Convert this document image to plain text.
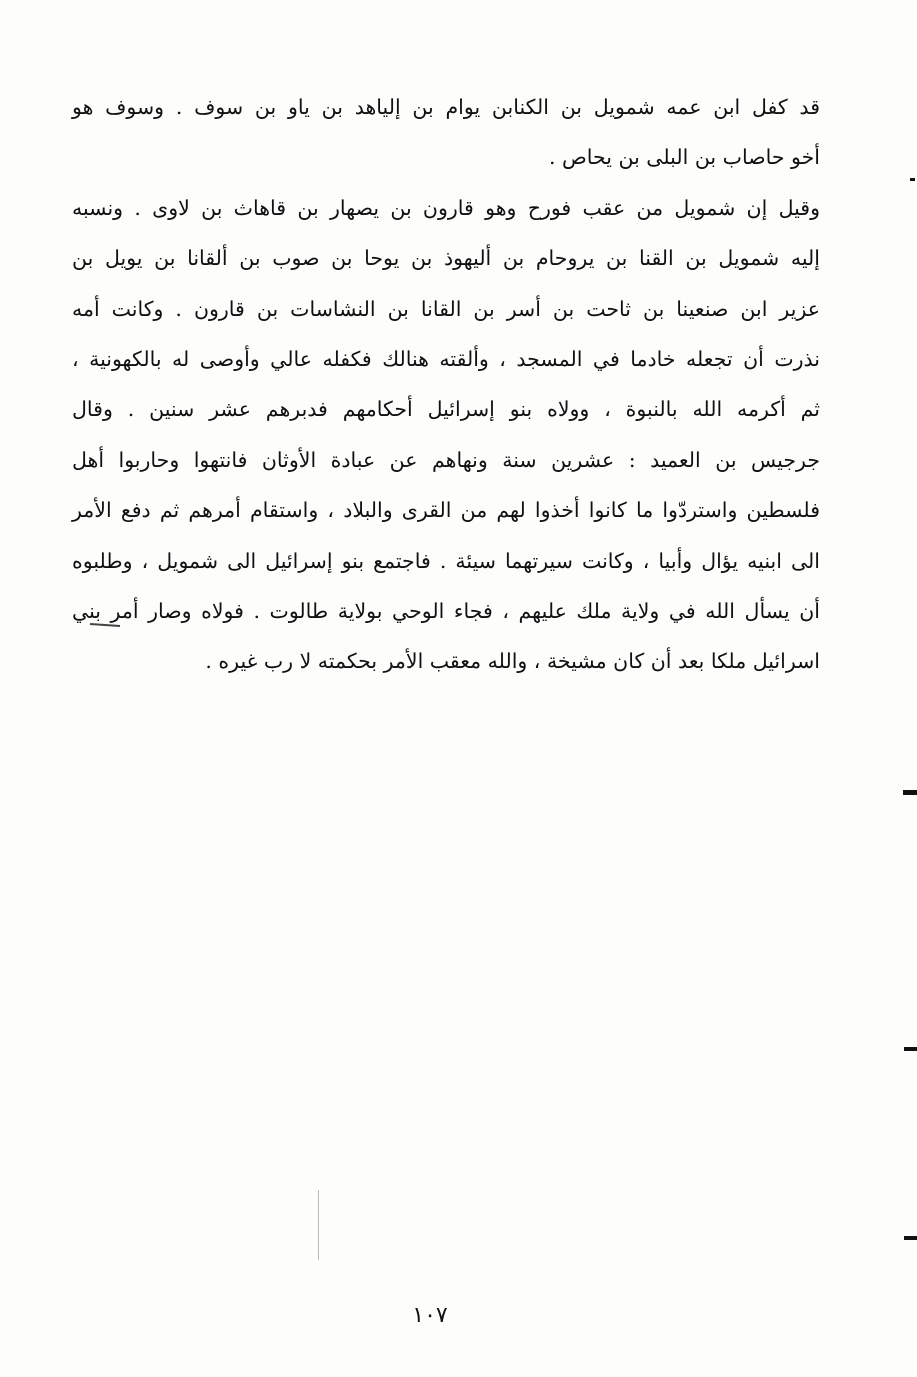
قد كفل ابن عمه شمويل بن الكنابن يوام بن إلياهد بن ياو بن سوف . وسوف هو
أخو حاصاب بن البلى بن يحاص .
وقيل إن شمويل من عقب فورح وهو قارون بن يصهار بن قاهاث بن لاوى . ونسبه
إليه شمويل بن القنا بن يروحام بن أليهوذ بن يوحا بن صوب بن ألقانا بن يويل بن
عزير ابن صنعينا بن ثاحت بن أسر بن القانا بن النشاسات بن قارون . وكانت أمه
نذرت أن تجعله خادما في المسجد ، وألقته هنالك فكفله عالي وأوصى له بالكهونية ،
ثم أكرمه الله بالنبوة ، وولاه بنو إسرائيل أحكامهم فدبرهم عشر سنين . وقال
جرجيس بن العميد : عشرين سنة ونهاهم عن عبادة الأوثان فانتهوا وحاربوا أهل
فلسطين واستردّوا ما كانوا أخذوا لهم من القرى والبلاد ، واستقام أمرهم ثم دفع الأمر
الى ابنيه يؤال وأبيا ، وكانت سيرتهما سيئة . فاجتمع بنو إسرائيل الى شمويل ، وطلبوه
أن يسأل الله في ولاية ملك عليهم ، فجاء الوحي بولاية طالوت . فولاه وصار أمر بني
اسرائيل ملكا بعد أن كان مشيخة ، والله معقب الأمر بحكمته لا رب غيره .
١٠٧
